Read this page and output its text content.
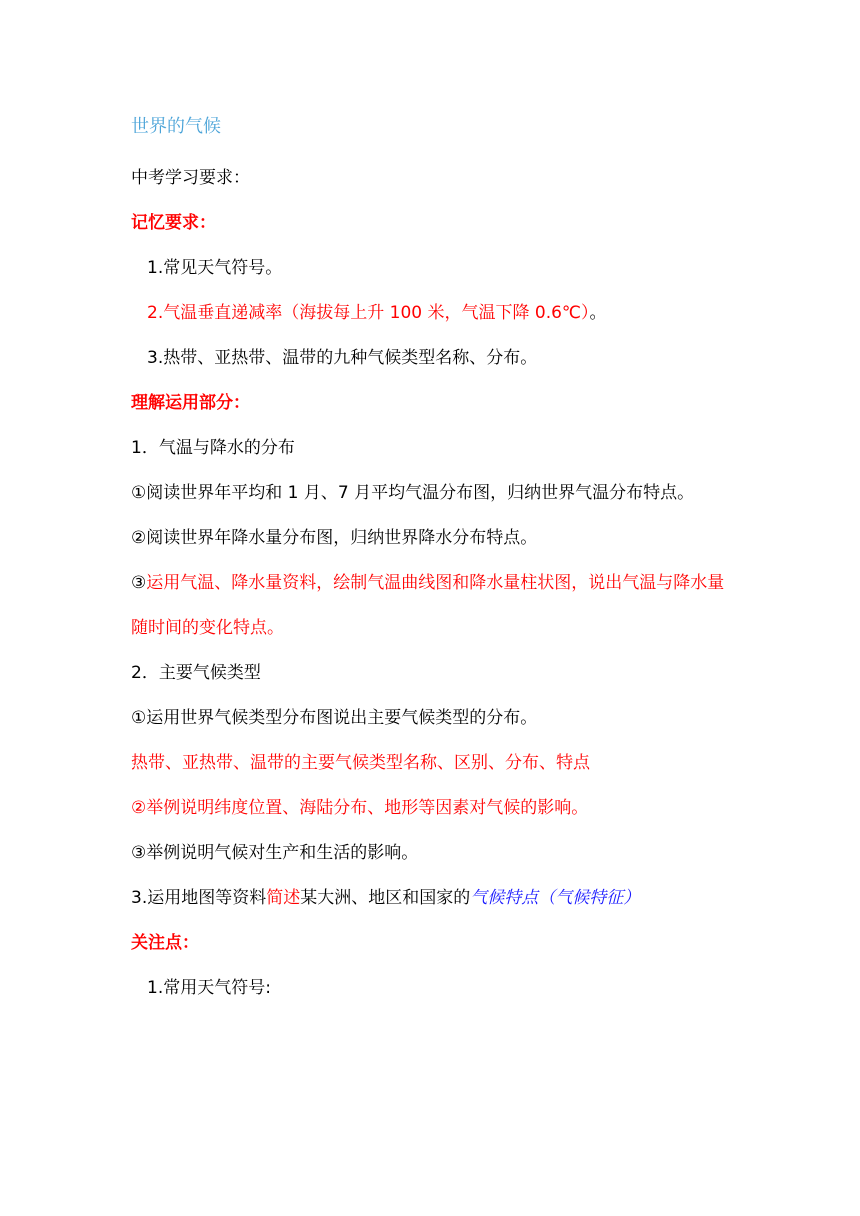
世界的气候
中考学习要求：
记忆要求：
1.常见天气符号。
2.气温垂直递减率（海拔每上升 100 米，气温下降 0.6℃）。
3.热带、亚热带、温带的九种气候类型名称、分布。
理解运用部分：
1．气温与降水的分布
①阅读世界年平均和 1 月、7 月平均气温分布图，归纳世界气温分布特点。
②阅读世界年降水量分布图，归纳世界降水分布特点。
③运用气温、降水量资料，绘制气温曲线图和降水量柱状图，说出气温与降水量
随时间的变化特点。
2．主要气候类型
①运用世界气候类型分布图说出主要气候类型的分布。
热带、亚热带、温带的主要气候类型名称、区别、分布、特点
②举例说明纬度位置、海陆分布、地形等因素对气候的影响。
③举例说明气候对生产和生活的影响。
3.运用地图等资料简述某大洲、地区和国家的气候特点（气候特征）
关注点：
1.常用天气符号:
